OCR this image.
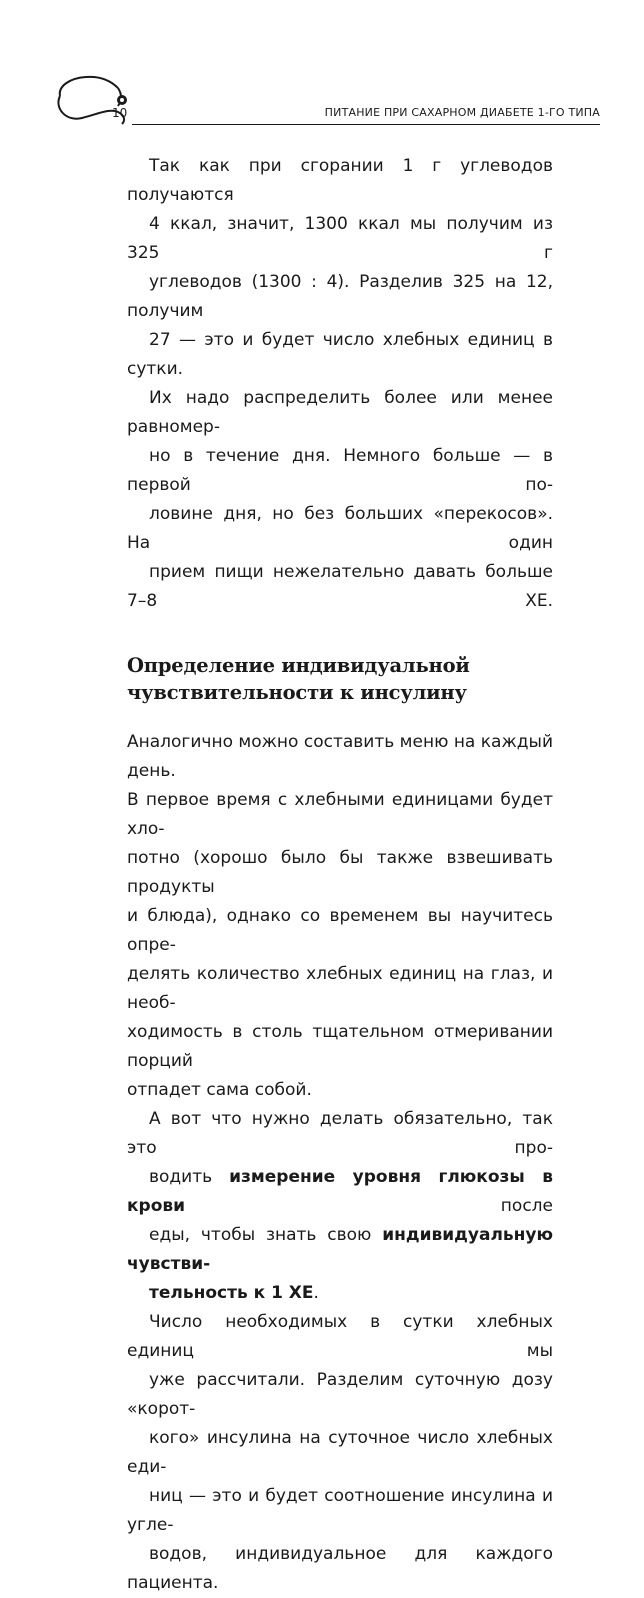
10	ПИТАНИЕ ПРИ САХАРНОМ ДИАБЕТЕ 1-ГО ТИПА

Так как при сгорании 1 г углеводов получаются
4 ккал, значит, 1300 ккал мы получим из 325 г
углеводов (1300 : 4). Разделив 325 на 12, получим
27 — это и будет число хлебных единиц в сутки.
Их надо распределить более или менее равномер-
но в течение дня. Немного больше — в первой по-
ловине дня, но без больших «перекосов». На один
прием пищи нежелательно давать больше 7–8 ХЕ.

Определение индивидуальной
чувствительности к инсулину

Аналогично можно составить меню на каждый день.
В первое время с хлебными единицами будет хло-
потно (хорошо было бы также взвешивать продукты
и блюда), однако со временем вы научитесь опре-
делять количество хлебных единиц на глаз, и необ-
ходимость в столь тщательном отмеривании порций
отпадет сама собой.

А вот что нужно делать обязательно, так это про-
водить измерение уровня глюкозы в крови после
еды, чтобы знать свою индивидуальную чувстви-
тельность к 1 ХЕ.

Число необходимых в сутки хлебных единиц мы
уже рассчитали. Разделим суточную дозу «корот-
кого» инсулина на суточное число хлебных еди-
ниц — это и будет соотношение инсулина и угле-
водов, индивидуальное для каждого пациента.
